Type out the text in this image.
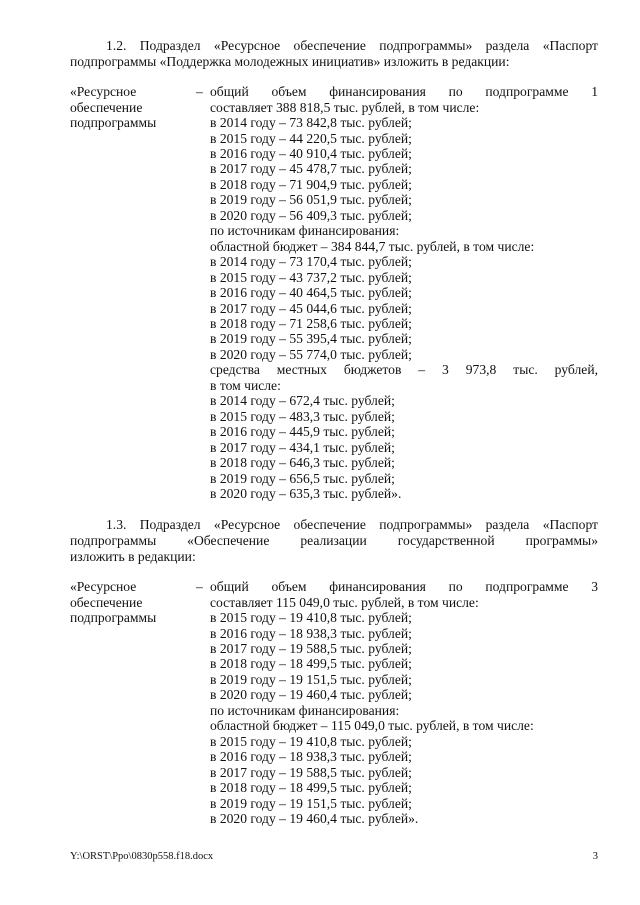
1.2. Подраздел «Ресурсное обеспечение подпрограммы» раздела «Паспорт
подпрограммы «Поддержка молодежных инициатив» изложить в редакции:
«Ресурсное
обеспечение
подпрограммы
– общий объем финансирования по подпрограмме 1
составляет 388 818,5 тыс. рублей, в том числе:
в 2014 году – 73 842,8 тыс. рублей;
в 2015 году – 44 220,5 тыс. рублей;
в 2016 году – 40 910,4 тыс. рублей;
в 2017 году – 45 478,7 тыс. рублей;
в 2018 году – 71 904,9 тыс. рублей;
в 2019 году – 56 051,9 тыс. рублей;
в 2020 году – 56 409,3 тыс. рублей;
по источникам финансирования:
областной бюджет – 384 844,7 тыс. рублей, в том числе:
в 2014 году – 73 170,4 тыс. рублей;
в 2015 году – 43 737,2 тыс. рублей;
в 2016 году – 40 464,5 тыс. рублей;
в 2017 году – 45 044,6 тыс. рублей;
в 2018 году – 71 258,6 тыс. рублей;
в 2019 году – 55 395,4 тыс. рублей;
в 2020 году – 55 774,0 тыс. рублей;
средства местных бюджетов – 3 973,8 тыс. рублей,
в том числе:
в 2014 году – 672,4 тыс. рублей;
в 2015 году – 483,3 тыс. рублей;
в 2016 году – 445,9 тыс. рублей;
в 2017 году – 434,1 тыс. рублей;
в 2018 году – 646,3 тыс. рублей;
в 2019 году – 656,5 тыс. рублей;
в 2020 году – 635,3 тыс. рублей».
1.3. Подраздел «Ресурсное обеспечение подпрограммы» раздела «Паспорт
подпрограммы «Обеспечение реализации государственной программы»
изложить в редакции:
«Ресурсное
обеспечение
подпрограммы
– общий объем финансирования по подпрограмме 3
составляет 115 049,0 тыс. рублей, в том числе:
в 2015 году – 19 410,8 тыс. рублей;
в 2016 году – 18 938,3 тыс. рублей;
в 2017 году – 19 588,5 тыс. рублей;
в 2018 году – 18 499,5 тыс. рублей;
в 2019 году – 19 151,5 тыс. рублей;
в 2020 году – 19 460,4 тыс. рублей;
по источникам финансирования:
областной бюджет – 115 049,0 тыс. рублей, в том числе:
в 2015 году – 19 410,8 тыс. рублей;
в 2016 году – 18 938,3 тыс. рублей;
в 2017 году – 19 588,5 тыс. рублей;
в 2018 году – 18 499,5 тыс. рублей;
в 2019 году – 19 151,5 тыс. рублей;
в 2020 году – 19 460,4 тыс. рублей».
Y:\ORST\Ppo\0830p558.f18.docx	3
